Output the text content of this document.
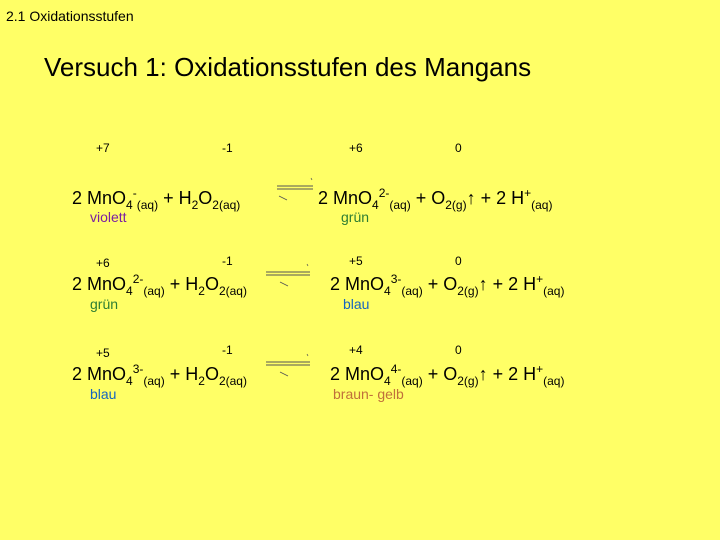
2.1 Oxidationsstufen
Versuch 1: Oxidationsstufen des Mangans
+7	-1	+6	0
2 $MnO_4^-_{(aq)} + H_2O_{2(aq)}$ ⇌ 2 $MnO_4^{2-}_{(aq)} + O_{2(g)}↑ + 2$ $H^+_{(aq)}$
violett	grün
+6	-1	+5	0
2 $MnO_4^{2-}_{(aq)} + H_2O_{2(aq)}$ ⇌ 2 $MnO_4^{3-}_{(aq)} + O_{2(g)}↑ + 2$ $H^+_{(aq)}$
grün	blau
+5	-1	+4	0
2 $MnO_4^{3-}_{(aq)} + H_2O_{2(aq)}$ ⇌ 2 $MnO_4^{4-}_{(aq)} + O_{2(g)}↑ + 2$ $H^+_{(aq)}$
blau	braun- gelb
